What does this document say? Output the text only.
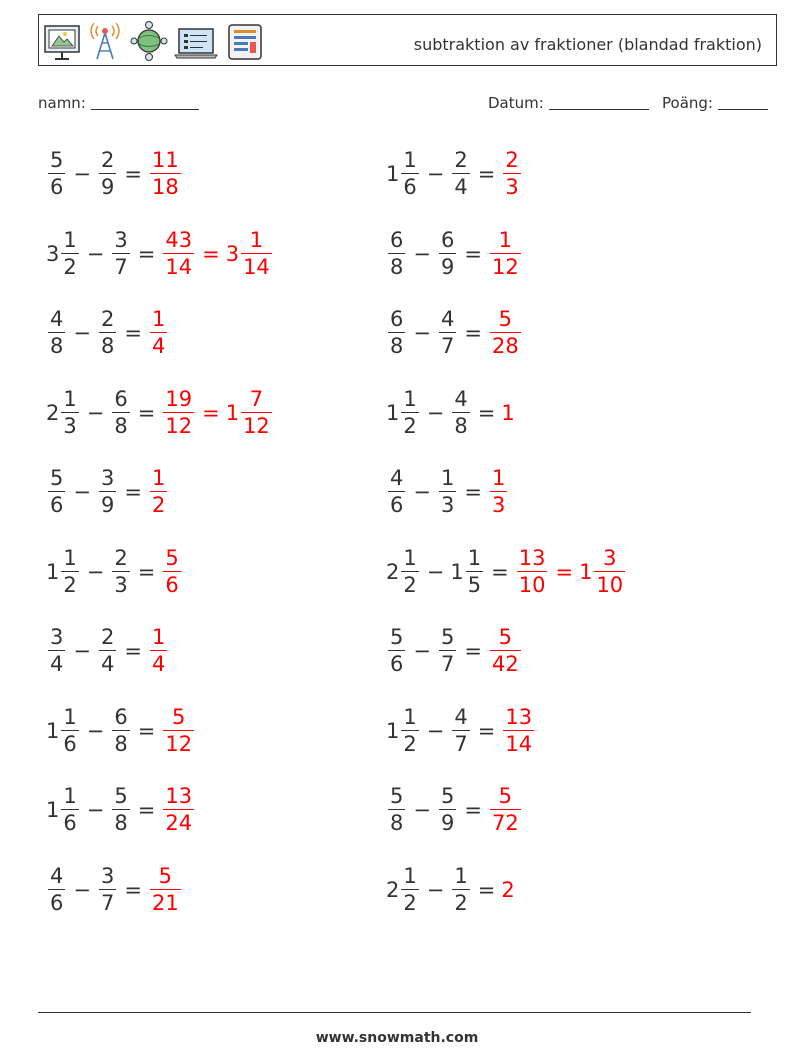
subtraktion av fraktioner (blandad fraktion)
namn:	Datum:	Poäng:
$\frac{5}{6} - \frac{2}{9} = \frac{11}{18}$
$3 \frac{1}{2} - \frac{3}{7} = \frac{43}{14} = 3 \frac{1}{14}$
$\frac{4}{8} - \frac{2}{8} = \frac{1}{4}$
$2 \frac{1}{3} - \frac{6}{8} = \frac{19}{12} = 1 \frac{7}{12}$
$\frac{5}{6} - \frac{3}{9} = \frac{1}{2}$
$1 \frac{1}{2} - \frac{2}{3} = \frac{5}{6}$
$\frac{3}{4} - \frac{2}{4} = \frac{1}{4}$
$1 \frac{1}{6} - \frac{6}{8} = \frac{5}{12}$
$1 \frac{1}{6} - \frac{5}{8} = \frac{13}{24}$
$\frac{4}{6} - \frac{3}{7} = \frac{5}{21}$
$1 \frac{1}{6} - \frac{2}{4} = \frac{2}{3}$
$\frac{6}{8} - \frac{6}{9} = \frac{1}{12}$
$\frac{6}{8} - \frac{4}{7} = \frac{5}{28}$
$1 \frac{1}{2} - \frac{4}{8} = 1$
$\frac{4}{6} - \frac{1}{3} = \frac{1}{3}$
$2 \frac{1}{2} - 1 \frac{1}{5} = \frac{13}{10} = 1 \frac{3}{10}$
$\frac{5}{6} - \frac{5}{7} = \frac{5}{42}$
$1 \frac{1}{2} - \frac{4}{7} = \frac{13}{14}$
$\frac{5}{8} - \frac{5}{9} = \frac{5}{72}$
$2 \frac{1}{2} - \frac{1}{2} = 2$
www.snowmath.com
